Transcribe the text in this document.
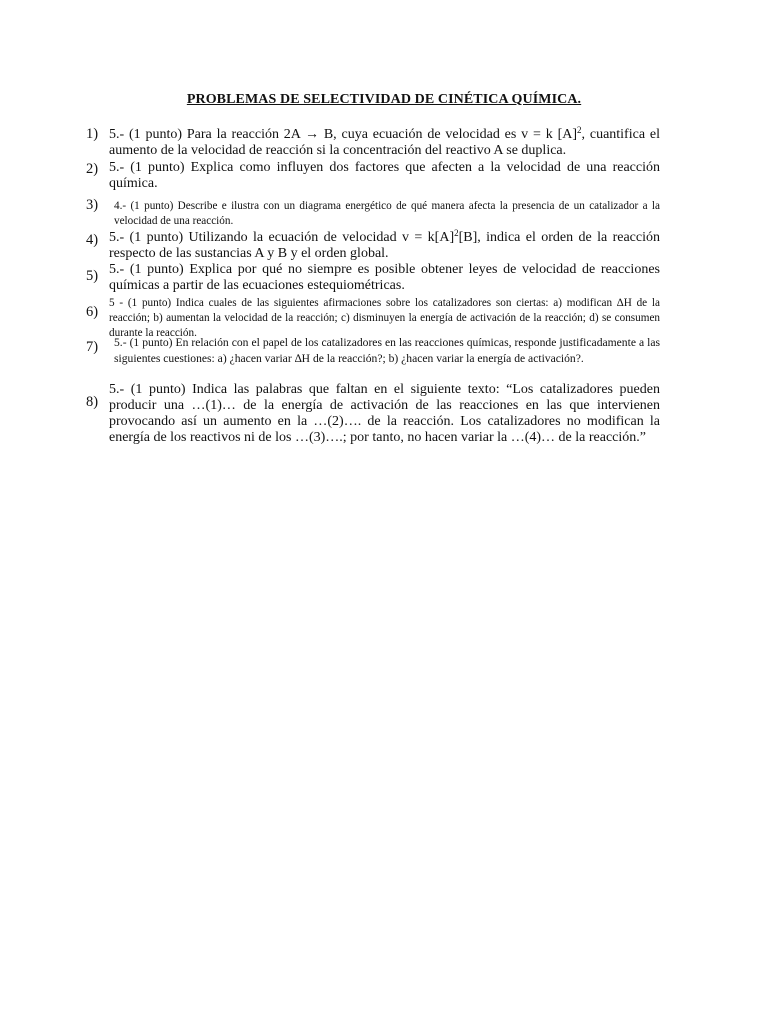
PROBLEMAS DE SELECTIVIDAD DE CINÉTICA QUÍMICA.
1) 5.- (1 punto) Para la reacción 2A → B, cuya ecuación de velocidad es v = k $[A]^2$, cuantifica el aumento de la velocidad de reacción si la concentración del reactivo A se duplica.
2) 5.- (1 punto) Explica como influyen dos factores que afecten a la velocidad de una reacción química.
3) 4.- (1 punto) Describe e ilustra con un diagrama energético de qué manera afecta la presencia de un catalizador a la velocidad de una reacción.
4) 5.- (1 punto) Utilizando la ecuación de velocidad $v = k[A]^2[B]$, indica el orden de la reacción respecto de las sustancias A y B y el orden global.
5) 5.- (1 punto) Explica por qué no siempre es posible obtener leyes de velocidad de reacciones químicas a partir de las ecuaciones estequiométricas.
6)
5 - (1 punto) Indica cuales de las siguientes afirmaciones sobre los catalizadores son ciertas: a) modifican ∆H de la reacción; b) aumentan la velocidad de la reacción; c) disminuyen la energía de activación de la reacción; d) se consumen durante la reacción.
7) 5.- (1 punto) En relación con el papel de los catalizadores en las reacciones químicas, responde justificadamente a las siguientes cuestiones: a) ¿hacen variar ∆H de la reacción?; b) ¿hacen variar la energía de activación?.
8)
5.- (1 punto) Indica las palabras que faltan en el siguiente texto: “Los catalizadores pueden producir una …(1)… de la energía de activación de las reacciones en las que intervienen provocando así un aumento en la …(2)…. de la reacción. Los catalizadores no modifican la energía de los reactivos ni de los …(3)….; por tanto, no hacen variar la …(4)… de la reacción.”
